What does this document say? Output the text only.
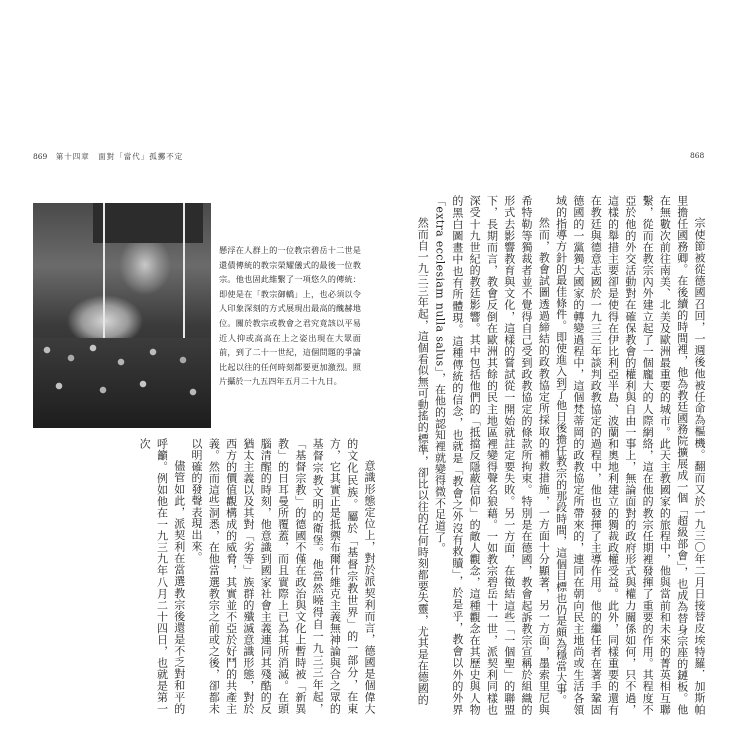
869 第十四章　面對「當代」孤擲不定	868
懸浮在人群上的一位教宗碧岳十二世是還債傳統的教宗榮耀儀式的最後一位教宗。他也固此維繫了一項悠久的傳統：即使是在「教宗御轎」上，也必須以令人印象深刻的方式展現出最高的醜赫地位。關於教宗或教會之君究竟該以平易近人抑或高高在上之姿出現在大眾面前，到了二十一世紀，這個問題的爭論比起以往的任何時刻都要更加激烈。照片攝於一九五四年五月二十九日。

意識形態定位上，對於派契利而言，德國是個偉大的文化民族。屬於「基督宗教世界」的一部分，在東方，它其實正是抵禦布爾什維克主義無神論與合之眾的基督宗教文明的衛堡。他當然曉得自一九三三年起，「基督宗教」的德國不僅在政治與文化上暫時被「新異教」的日耳曼所覆蓋，而且實際上已為其所消滅。在頭腦清醒的時刻，他意識到國家社會主義連同其殘酷的反猶太主義以及其對「劣等」族群的殲滅意識形態，對於西方的價值觀構成的威脅，其實並不亞於好鬥的共產主義。然而這些洞悉，在他當選教宗之前或之後，卻都未以明確的發聲表現出來。

儘管如此，派契利在當選教宗後還是不乏對和平的呼籲。例如他在一九三九年八月二十四日，也就是第一次	宗使節被從德國召回，一週後他被任命為樞機。翻而又於一九三〇年二月日接替皮埃特羅．加斯帕里擔任國務卿。在後續的時間裡，他為教廷國務院擴展成一個「超級部會」，也成為替身宗座的鏈板。他在無數次前往南美、北美及歐洲最重要的城市。此天主教國家的旅程中，他與當前和未來的菁英相互聯繫，從而在教宗內外建立起了一個龐大的人際網絡，這在他的教宗任期裡發揮了重要的作用。其程度不亞於他的外交活動對在確保教會的權利與自由一事上，無論面對的政府形式與權力關係如何，只不過，這樣的舉措主要卻是使得在伊比利亞半島、波蘭和奧地利建立的獨裁政權受益。此外，同樣重要的還有在教廷與德意志國於一九三三年談判政教協定的過程中，他也發揮了主導作用。他的繼任者在著手鞏固德國的一黨獨大國家的轉變過程中，這個梵蒂岡的政教協定所帶來的，連同在朝向民主地尚或生活各領域的指導方針的最佳條件。即使進入到了他日後擔任教宗的那段時間，這個目標也仍是頗為穩當大事。

然而，教會試圖透過締結的政教協定所採取的補救措施，一方面十分顯著，另一方面，墨索里尼與希特勒等獨裁者並不覺得自己受到政教協定的條款所拘束。特別是在德國，教會起訴教宗宣稱於組織的形式去影響教育與文化，這樣的嘗試從一開始就註定要失敗。另一方面，在徵結這些「一個聖」的聯盟下，長期而言，教會反倒在歐洲其餘的民主地區裡變得聲名狼藉。一如教宗碧岳十一世，派契利同樣也深受十九世紀的教廷影響。其中包括他們的「抵擋反隱蔽信仰」的敵人觀念，這種觀念在其歷史與人物的黑白圖畫中也有所體現。這種傳統的信念，也就是「教會之外沒有救贖」，於是乎，教會以外的外界「extra ecclesiam nulla salus」，在他的認知裡就變得微不足道了。

然而自一九三三年起，這個看似無可動搖的標準，卻比以往的任何時刻都要失靈，尤其是在德國的
